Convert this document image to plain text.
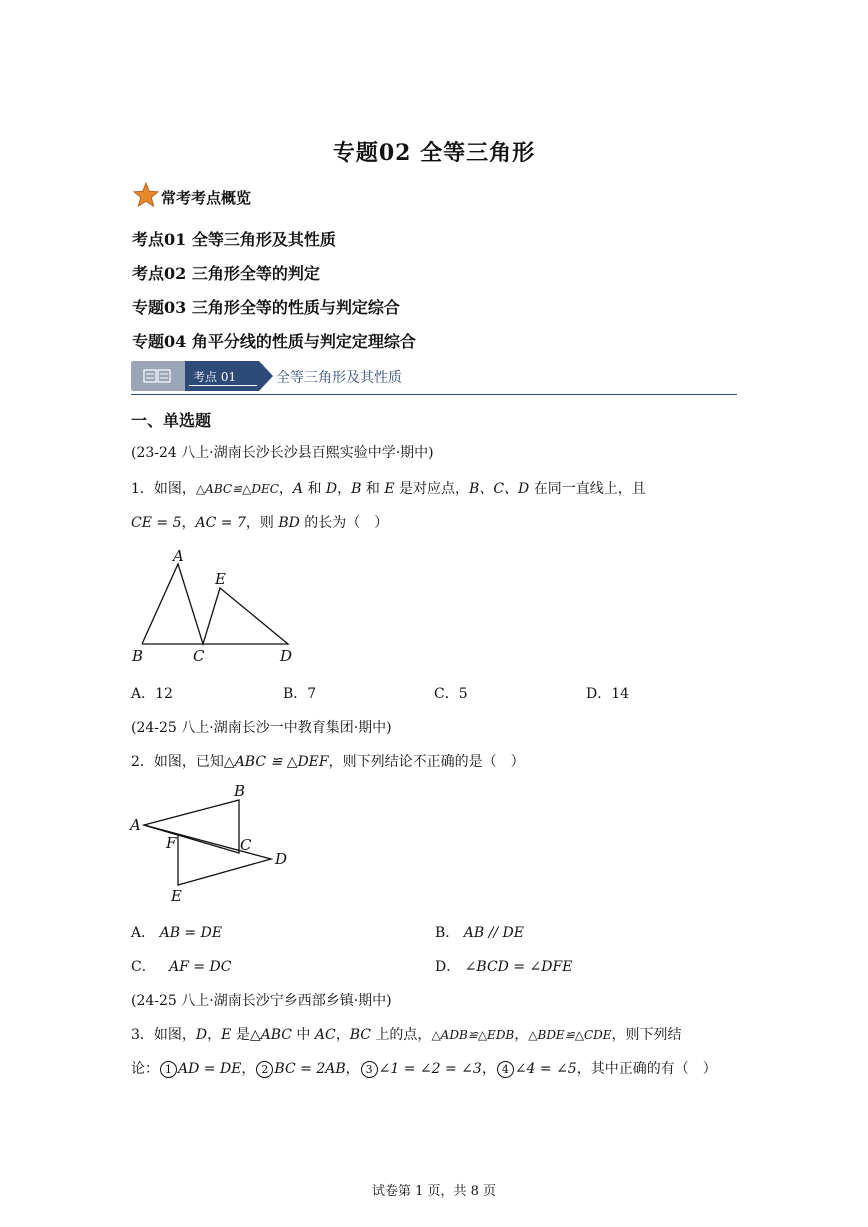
专题02 全等三角形
常考考点概览
考点01 全等三角形及其性质
考点02 三角形全等的判定
专题03 三角形全等的性质与判定综合
专题04 角平分线的性质与判定定理综合
考点 01	全等三角形及其性质
一、单选题
(23-24 八上·湖南长沙长沙县百熙实验中学·期中)
1．如图，△ABC≌△DEC，A 和 D，B 和 E 是对应点，B、C、D 在同一直线上，且
CE = 5，AC = 7，则 BD 的长为（　）
A
B	C	D
E
A．12	B．7	C．5	D．14
(24-25 八上·湖南长沙一中教育集团·期中)
2．如图，已知△ABC ≌ △DEF，则下列结论不正确的是（　）
A
B
C
D
E
F
A． AB = DE	B． AB // DE
C． AF = DC	D． ∠BCD = ∠DFE
(24-25 八上·湖南长沙宁乡西部乡镇·期中)
3．如图，D，E 是△ABC 中 AC，BC 上的点，△ADB≌△EDB，△BDE≌△CDE，则下列结
论： 1 AD = DE， 2 BC = 2AB， 3 ∠1 = ∠2 = ∠3， 4 ∠4 = ∠5，其中正确的有（　）
试卷第 1 页，共 8 页
